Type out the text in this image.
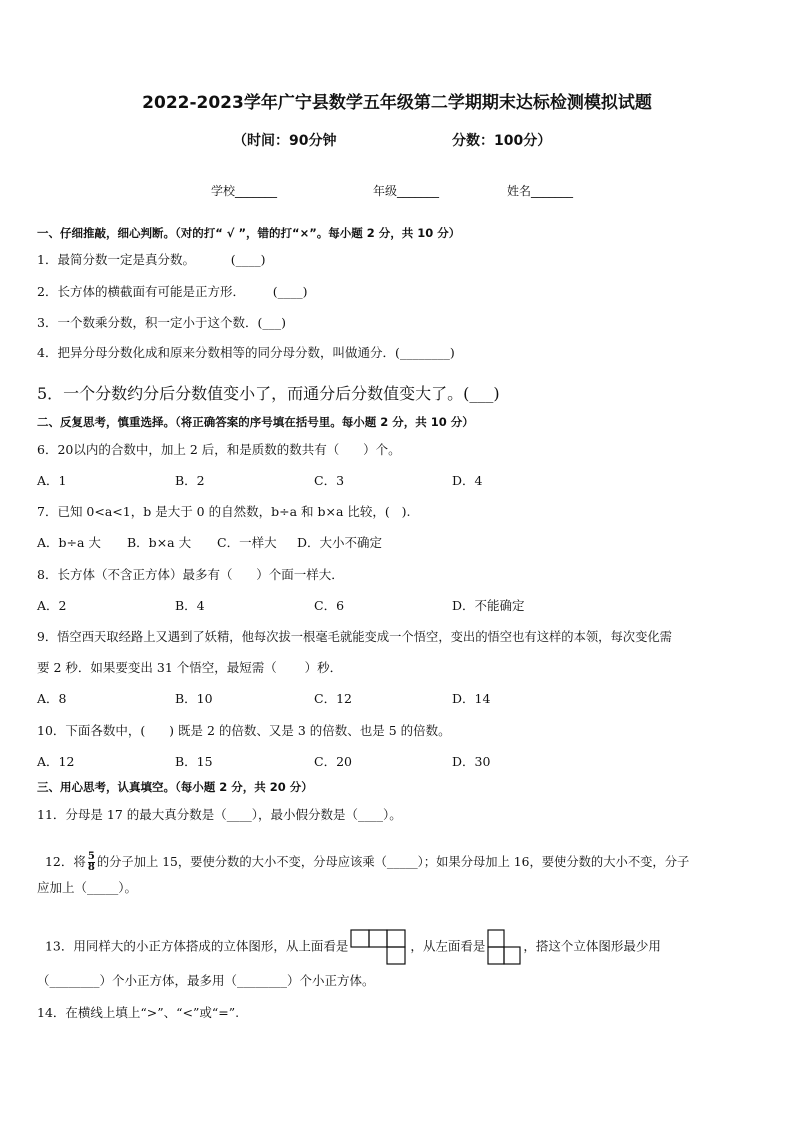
2022-2023学年广宁县数学五年级第二学期期末达标检测模拟试题
（时间：90分钟	分数：100分）
学校_______	年级_______	姓名_______
一、仔细推敲，细心判断。（对的打“ √ ”，错的打“×”。每小题 2 分，共 10 分）
1．最简分数一定是真分数。         (____)
2．长方体的横截面有可能是正方形．       (____)
3．一个数乘分数，积一定小于这个数．(___)
4．把异分母分数化成和原来分数相等的同分母分数，叫做通分．(________)
5．一个分数约分后分数值变小了，而通分后分数值变大了。(___)
二、反复思考，慎重选择。（将正确答案的序号填在括号里。每小题 2 分，共 10 分）
6．20以内的合数中，加上 2 后，和是质数的数共有（      ）个。
A．1	B．2	C．3	D．4
7．已知 0<a<1，b 是大于 0 的自然数，b÷a 和 b×a 比较，(   ).
A．b÷a 大 B．b×a 大 C．一样大 D．大小不确定
8．长方体（不含正方体）最多有（      ）个面一样大．
A．2	B．4	C．6	D．不能确定
9．悟空西天取经路上又遇到了妖精，他每次拔一根毫毛就能变成一个悟空，变出的悟空也有这样的本领，每次变化需
要 2 秒．如果要变出 31 个悟空，最短需（       ）秒．
A．8	B．10	C．12	D．14
10．下面各数中，(      ) 既是 2 的倍数、又是 3 的倍数、也是 5 的倍数。
A．12	B．15	C．20	D．30
三、用心思考，认真填空。（每小题 2 分，共 20 分）
11．分母是 17 的最大真分数是（____），最小假分数是（____）。

12．将 $\frac{5}{8}$ 的分子加上 15，要使分数的大小不变，分母应该乘（_____）；如果分母加上 16，要使分数的大小不变，分子

应加上（_____）。

13．用同样大的小正方体搭成的立体图形，从上面看是	，从左面看是	，搭这个立体图形最少用

（________）个小正方体，最多用（________）个小正方体。
14．在横线上填上“>”、“<”或“=”.
